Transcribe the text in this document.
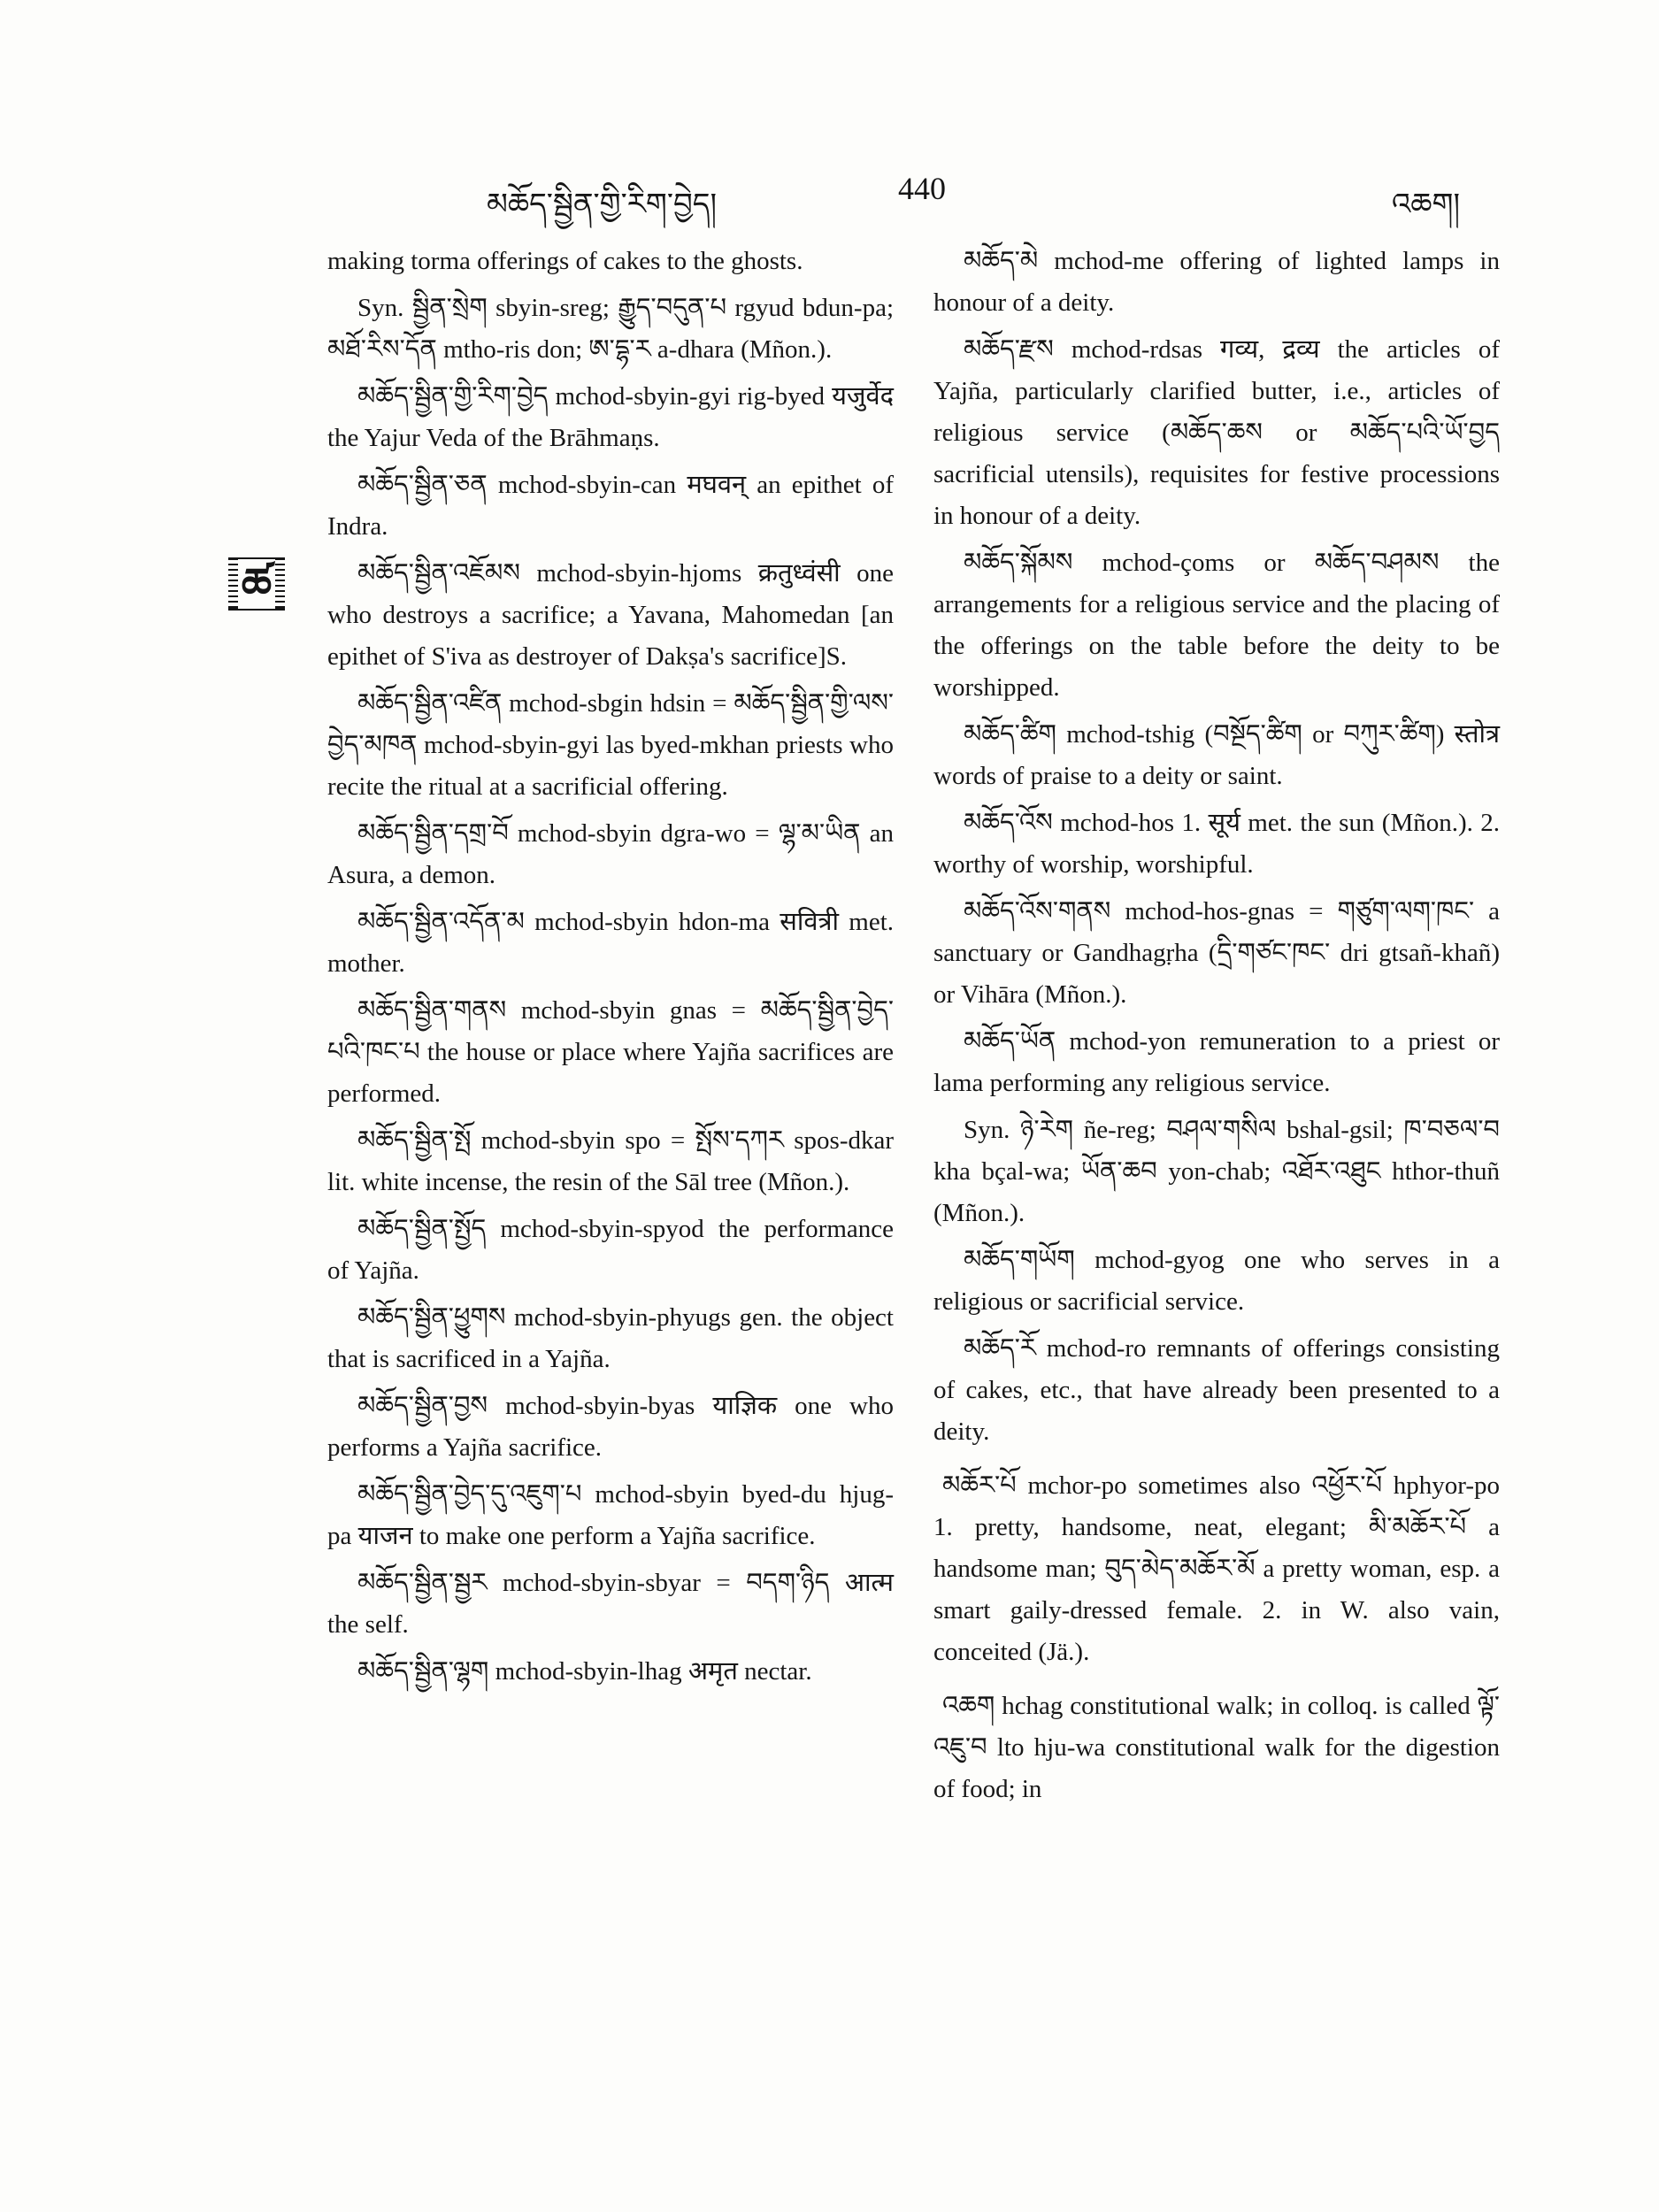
མཆོད་སྦྱིན་གྱི་རིག་བྱེད།	440	འཆག།
ཚ

making torma offerings of cakes to the ghosts.

Syn. སྦྱིན་སྲེག sbyin-sreg; རྒྱུད་བདུན་པ rgyud bdun-pa; མཐོ་རིས་དོན mtho-ris don; ཨ་དྷ་ར a-dhara (Mñon.).

མཆོད་སྦྱིན་གྱི་རིག་བྱེད mchod-sbyin-gyi rig-byed यजुर्वेद the Yajur Veda of the Brāhmaṇs.

མཆོད་སྦྱིན་ཅན mchod-sbyin-can मघवन् an epithet of Indra.

མཆོད་སྦྱིན་འཇོམས mchod-sbyin-hjoms क्रतुध्वंसी one who destroys a sacrifice; a Yavana, Mahomedan [an epithet of S'iva as destroyer of Dakṣa's sacrifice]S.

མཆོད་སྦྱིན་འཛིན mchod-sbgin hdsin = མཆོད་སྦྱིན་གྱི་ལས་བྱེད་མཁན mchod-sbyin-gyi las byed-mkhan priests who recite the ritual at a sacrificial offering.

མཆོད་སྦྱིན་དགྲ་བོ mchod-sbyin dgra-wo = ལྷ་མ་ཡིན an Asura, a demon.

མཆོད་སྦྱིན་འདོན་མ mchod-sbyin hdon-ma सवित्री met. mother.

མཆོད་སྦྱིན་གནས mchod-sbyin gnas = མཆོད་སྦྱིན་བྱེད་པའི་ཁང་པ the house or place where Yajña sacrifices are performed.

མཆོད་སྦྱིན་སྤོ mchod-sbyin spo = སྤོས་དཀར spos-dkar lit. white incense, the resin of the Sāl tree (Mñon.).

མཆོད་སྦྱིན་སྤྱོད mchod-sbyin-spyod the performance of Yajña.

མཆོད་སྦྱིན་ཕྱུགས mchod-sbyin-phyugs gen. the object that is sacrificed in a Yajña.

མཆོད་སྦྱིན་བྱས mchod-sbyin-byas याज्ञिक one who performs a Yajña sacrifice.

མཆོད་སྦྱིན་བྱེད་དུ་འཇུག་པ mchod-sbyin byed-du hjug-pa याजन to make one perform a Yajña sacrifice.

མཆོད་སྦྱིན་སྦྱར mchod-sbyin-sbyar = བདག་ཉིད आत्म the self.

མཆོད་སྦྱིན་ལྷག mchod-sbyin-lhag अमृत nectar.

མཆོད་མེ mchod-me offering of lighted lamps in honour of a deity.

མཆོད་རྫས mchod-rdsas गव्य, द्रव्य the articles of Yajña, particularly clarified butter, i.e., articles of religious service (མཆོད་ཆས or མཆོད་པའི་ཡོ་བྱད sacrificial utensils), requisites for festive processions in honour of a deity.

མཆོད་སྐོམས mchod-çoms or མཆོད་བཤམས the arrangements for a religious service and the placing of the offerings on the table before the deity to be worshipped.

མཆོད་ཚིག mchod-tshig (བསྔོད་ཚིག or བཀུར་ཚིག) स्तोत्र words of praise to a deity or saint.

མཆོད་འོས mchod-hos 1. सूर्य met. the sun (Mñon.). 2. worthy of worship, worshipful.

མཆོད་འོས་གནས mchod-hos-gnas = གཙུག་ལག་ཁང་ a sanctuary or Gandhagṛha (དྲི་གཙང་ཁང་ dri gtsañ-khañ) or Vihāra (Mñon.).

མཆོད་ཡོན mchod-yon remuneration to a priest or lama performing any religious service.

Syn. ཉེ་རེག ñe-reg; བཤལ་གསིལ bshal-gsil; ཁ་བཅལ་བ kha bçal-wa; ཡོན་ཆབ yon-chab; འཐོར་འཐུང hthor-thuñ (Mñon.).

མཆོད་གཡོག mchod-gyog one who serves in a religious or sacrificial service.

མཆོད་རོ mchod-ro remnants of offerings consisting of cakes, etc., that have already been presented to a deity.

མཆོར་པོ mchor-po sometimes also འཕྱོར་པོ hphyor-po 1. pretty, handsome, neat, elegant; མི་མཆོར་པོ a handsome man; བུད་མེད་མཆོར་མོ a pretty woman, esp. a smart gaily-dressed female. 2. in W. also vain, conceited (Jä.).

འཆག hchag constitutional walk; in colloq. is called ལྟོ་འཇུ་བ lto hju-wa constitutional walk for the digestion of food; in
